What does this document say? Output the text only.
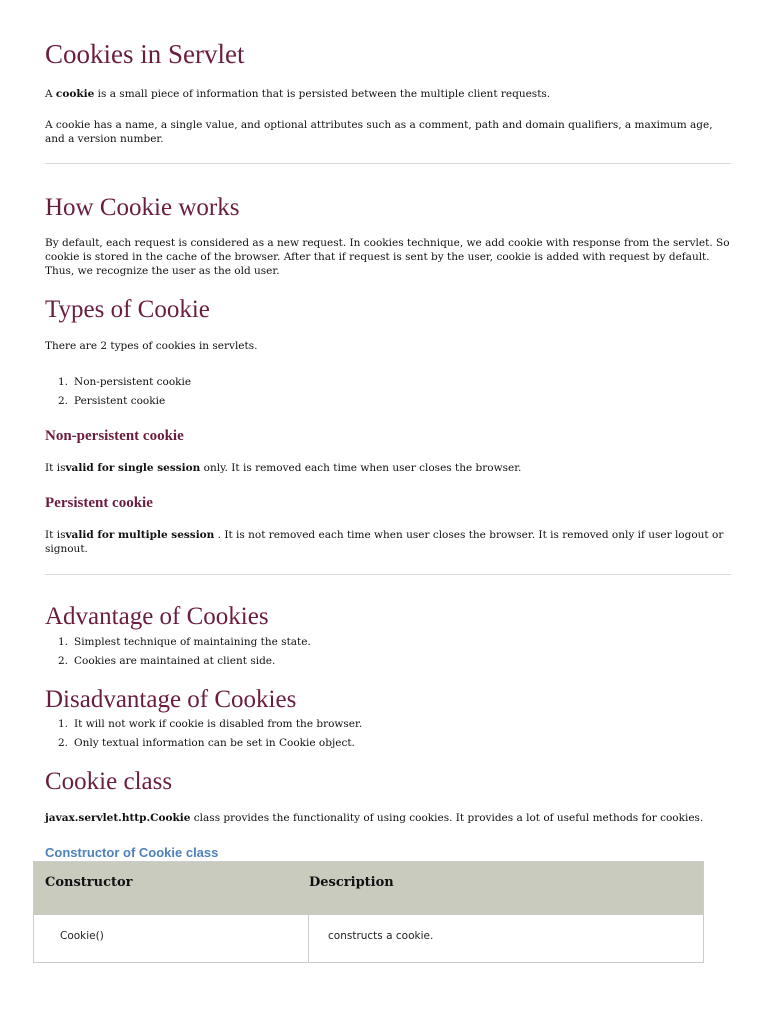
Cookies in Servlet

A cookie is a small piece of information that is persisted between the multiple client requests.

A cookie has a name, a single value, and optional attributes such as a comment, path and domain qualifiers, a maximum age, and a version number.

How Cookie works

By default, each request is considered as a new request. In cookies technique, we add cookie with response from the servlet. So cookie is stored in the cache of the browser. After that if request is sent by the user, cookie is added with request by default. Thus, we recognize the user as the old user.

Types of Cookie

There are 2 types of cookies in servlets.

1. Non-persistent cookie
2. Persistent cookie
Non-persistent cookie

It isvalid for single session only. It is removed each time when user closes the browser.

Persistent cookie

It isvalid for multiple session . It is not removed each time when user closes the browser. It is removed only if user logout or signout.

Advantage of Cookies
1. Simplest technique of maintaining the state.
2. Cookies are maintained at client side.
Disadvantage of Cookies
1. It will not work if cookie is disabled from the browser.
2. Only textual information can be set in Cookie object.
Cookie class

javax.servlet.http.Cookie class provides the functionality of using cookies. It provides a lot of useful methods for cookies.

Constructor of Cookie class
Constructor	Description
Cookie()	constructs a cookie.
